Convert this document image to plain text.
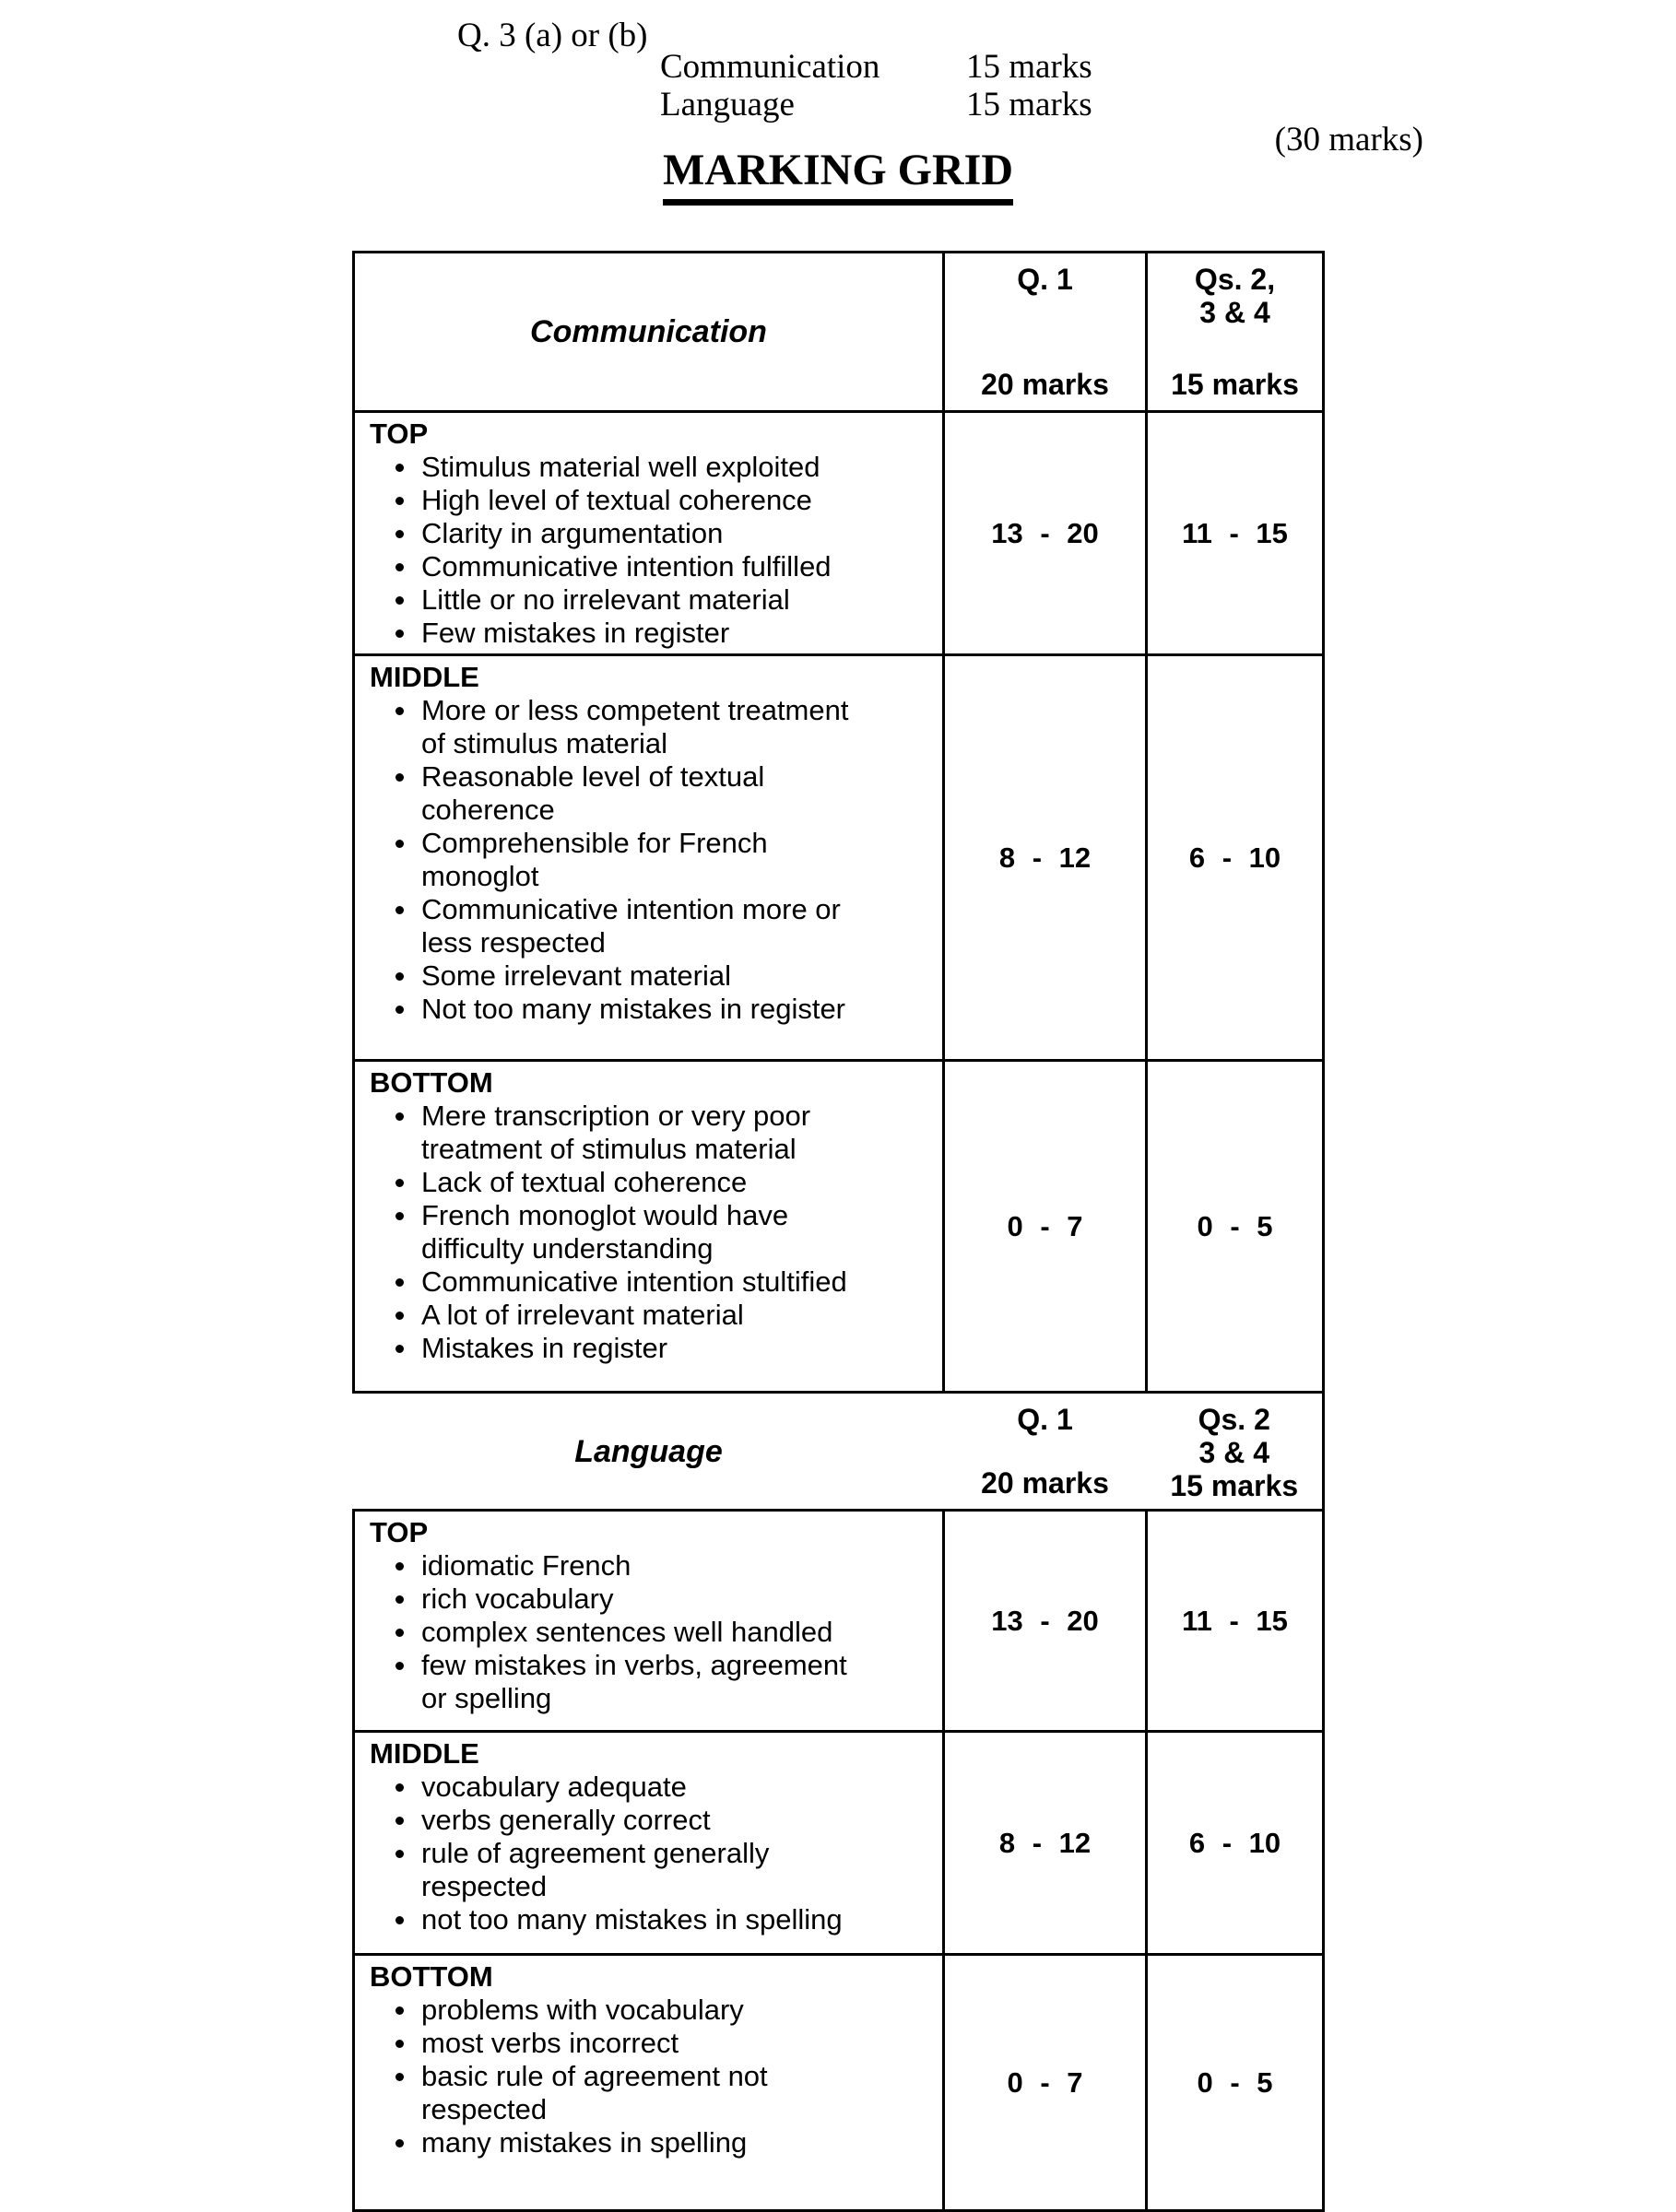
Q. 3 (a) or (b)
Communication	15 marks
Language	15 marks
(30 marks)
MARKING GRID
Communication

Q. 1
20 marks

Qs. 2,
3 & 4
15 marks

TOP
Stimulus material well exploited
High level of textual coherence
Clarity in argumentation
Communicative intention fulfilled
Little or no irrelevant material
Few mistakes in register
	13 - 20	11 - 15

MIDDLE
More or less competent treatment of stimulus material
Reasonable level of textual coherence
Comprehensible for French monoglot
Communicative intention more or less respected
Some irrelevant material
Not too many mistakes in register
	8 - 12	6 - 10

BOTTOM
Mere transcription or very poor treatment of stimulus material
Lack of textual coherence
French monoglot would have difficulty understanding
Communicative intention stultified
A lot of irrelevant material
Mistakes in register
	0 - 7	0 - 5

Language

Q. 1
20 marks

Qs. 2
3 & 4
15 marks

TOP
idiomatic French
rich vocabulary
complex sentences well handled
few mistakes in verbs, agreement or spelling	13 - 20	11 - 15

MIDDLE
vocabulary adequate
verbs generally correct
rule of agreement generally respected
not too many mistakes in spelling	8 - 12	6 - 10

BOTTOM
problems with vocabulary
most verbs incorrect
basic rule of agreement not respected
many mistakes in spelling	0 - 7	0 - 5
